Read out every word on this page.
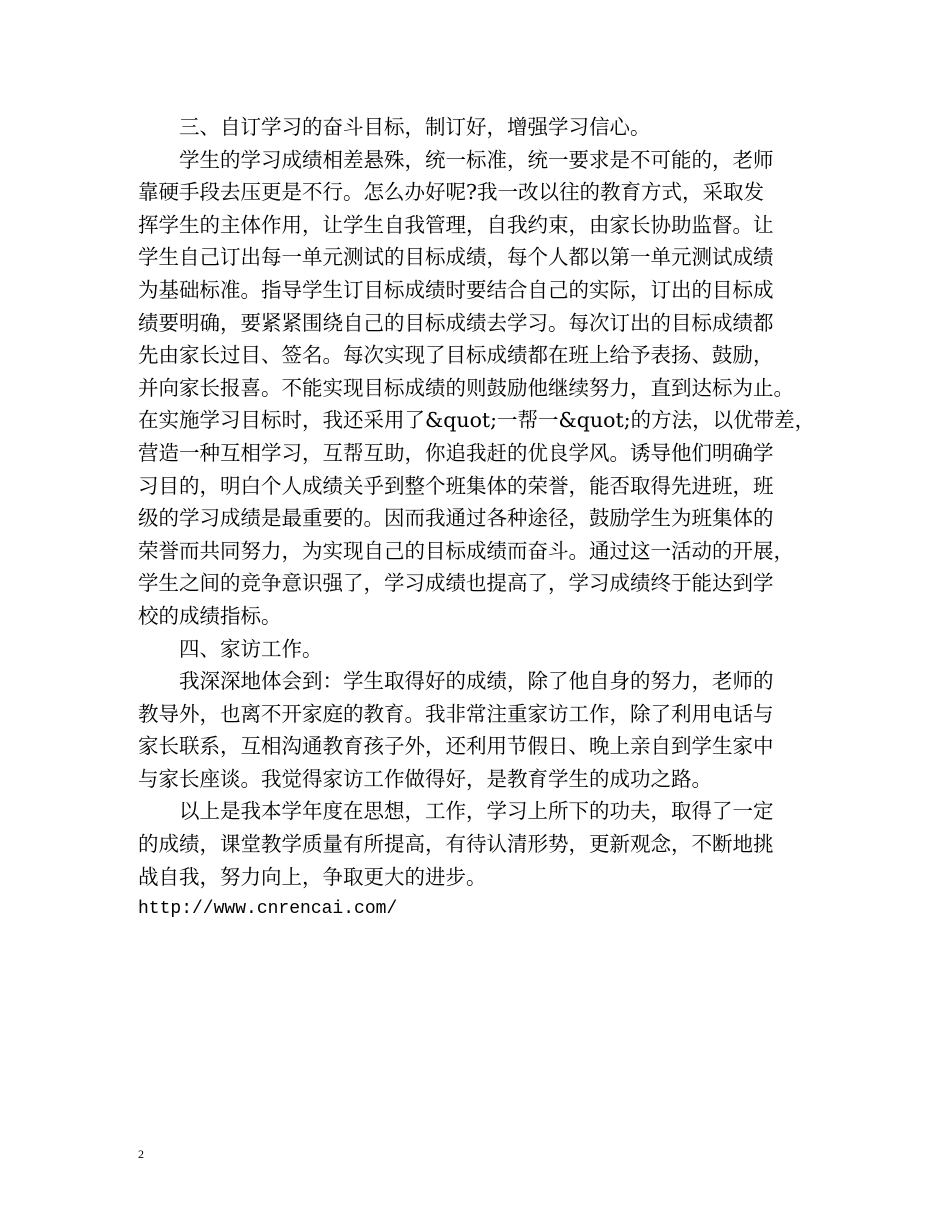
三、自订学习的奋斗目标，制订好，增强学习信心。
学生的学习成绩相差悬殊，统一标准，统一要求是不可能的，老师
靠硬手段去压更是不行。怎么办好呢?我一改以往的教育方式，采取发
挥学生的主体作用，让学生自我管理，自我约束，由家长协助监督。让
学生自己订出每一单元测试的目标成绩，每个人都以第一单元测试成绩
为基础标准。指导学生订目标成绩时要结合自己的实际，订出的目标成
绩要明确，要紧紧围绕自己的目标成绩去学习。每次订出的目标成绩都
先由家长过目、签名。每次实现了目标成绩都在班上给予表扬、鼓励，
并向家长报喜。不能实现目标成绩的则鼓励他继续努力，直到达标为止。
在实施学习目标时，我还采用了&quot;一帮一&quot;的方法，以优带差，
营造一种互相学习，互帮互助，你追我赶的优良学风。诱导他们明确学
习目的，明白个人成绩关乎到整个班集体的荣誉，能否取得先进班，班
级的学习成绩是最重要的。因而我通过各种途径，鼓励学生为班集体的
荣誉而共同努力，为实现自己的目标成绩而奋斗。通过这一活动的开展，
学生之间的竞争意识强了，学习成绩也提高了，学习成绩终于能达到学
校的成绩指标。
四、家访工作。
我深深地体会到：学生取得好的成绩，除了他自身的努力，老师的
教导外，也离不开家庭的教育。我非常注重家访工作，除了利用电话与
家长联系，互相沟通教育孩子外，还利用节假日、晚上亲自到学生家中
与家长座谈。我觉得家访工作做得好，是教育学生的成功之路。
以上是我本学年度在思想，工作，学习上所下的功夫，取得了一定
的成绩，课堂教学质量有所提高，有待认清形势，更新观念，不断地挑
战自我，努力向上，争取更大的进步。
http://www.cnrencai.com/
2
